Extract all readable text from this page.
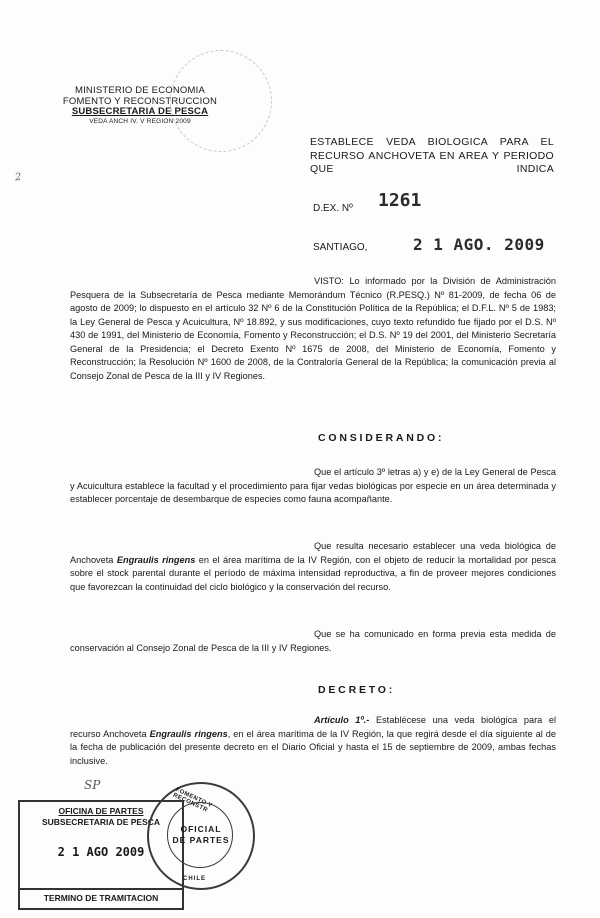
MINISTERIO DE ECONOMIA
FOMENTO Y RECONSTRUCCION
SUBSECRETARIA DE PESCA
VEDA ANCH IV. V REGION 2009
2
ESTABLECE VEDA BIOLOGICA PARA EL RECURSO ANCHOVETA EN AREA Y PERIODO QUE INDICA
D.EX. Nº 1261
SANTIAGO,	2 1 AGO. 2009
VISTO: Lo informado por la División de Administración Pesquera de la Subsecretaría de Pesca mediante Memorándum Técnico (R.PESQ.) Nº 81-2009, de fecha 06 de agosto de 2009; lo dispuesto en el artículo 32 Nº 6 de la Constitución Política de la República; el D.F.L. Nº 5 de 1983; la Ley General de Pesca y Acuicultura, Nº 18.892, y sus modificaciones, cuyo texto refundido fue fijado por el D.S. Nº 430 de 1991, del Ministerio de Economía, Fomento y Reconstrucción; el D.S. Nº 19 del 2001, del Ministerio Secretaría General de la Presidencia; el Decreto Exento Nº 1675 de 2008, del Ministerio de Economía, Fomento y Reconstrucción; la Resolución Nº 1600 de 2008, de la Contraloría General de la República; la comunicación previa al Consejo Zonal de Pesca de la III y IV Regiones.
CONSIDERANDO:
Que el artículo 3º letras a) y e) de la Ley General de Pesca y Acuicultura establece la facultad y el procedimiento para fijar vedas biológicas por especie en un área determinada y establecer porcentaje de desembarque de especies como fauna acompañante.
Que resulta necesario establecer una veda biológica de Anchoveta Engraulis ringens en el área marítima de la IV Región, con el objeto de reducir la mortalidad por pesca sobre el stock parental durante el período de máxima intensidad reproductiva, a fin de proveer mejores condiciones que favorezcan la continuidad del ciclo biológico y la conservación del recurso.
Que se ha comunicado en forma previa esta medida de conservación al Consejo Zonal de Pesca de la III y IV Regiones.
DECRETO:
Artículo 1º.- Establécese una veda biológica para el recurso Anchoveta Engraulis ringens, en el área marítima de la IV Región, la que regirá desde el día siguiente al de la fecha de publicación del presente decreto en el Diario Oficial y hasta el 15 de septiembre de 2009, ambas fechas inclusive.
SP
OFICINA DE PARTES
SUBSECRETARIA DE PESCA
2 1 AGO 2009
TERMINO DE TRAMITACION
FOMENTO Y RECONSTR
OFICIAL
DE PARTES
CHILE
